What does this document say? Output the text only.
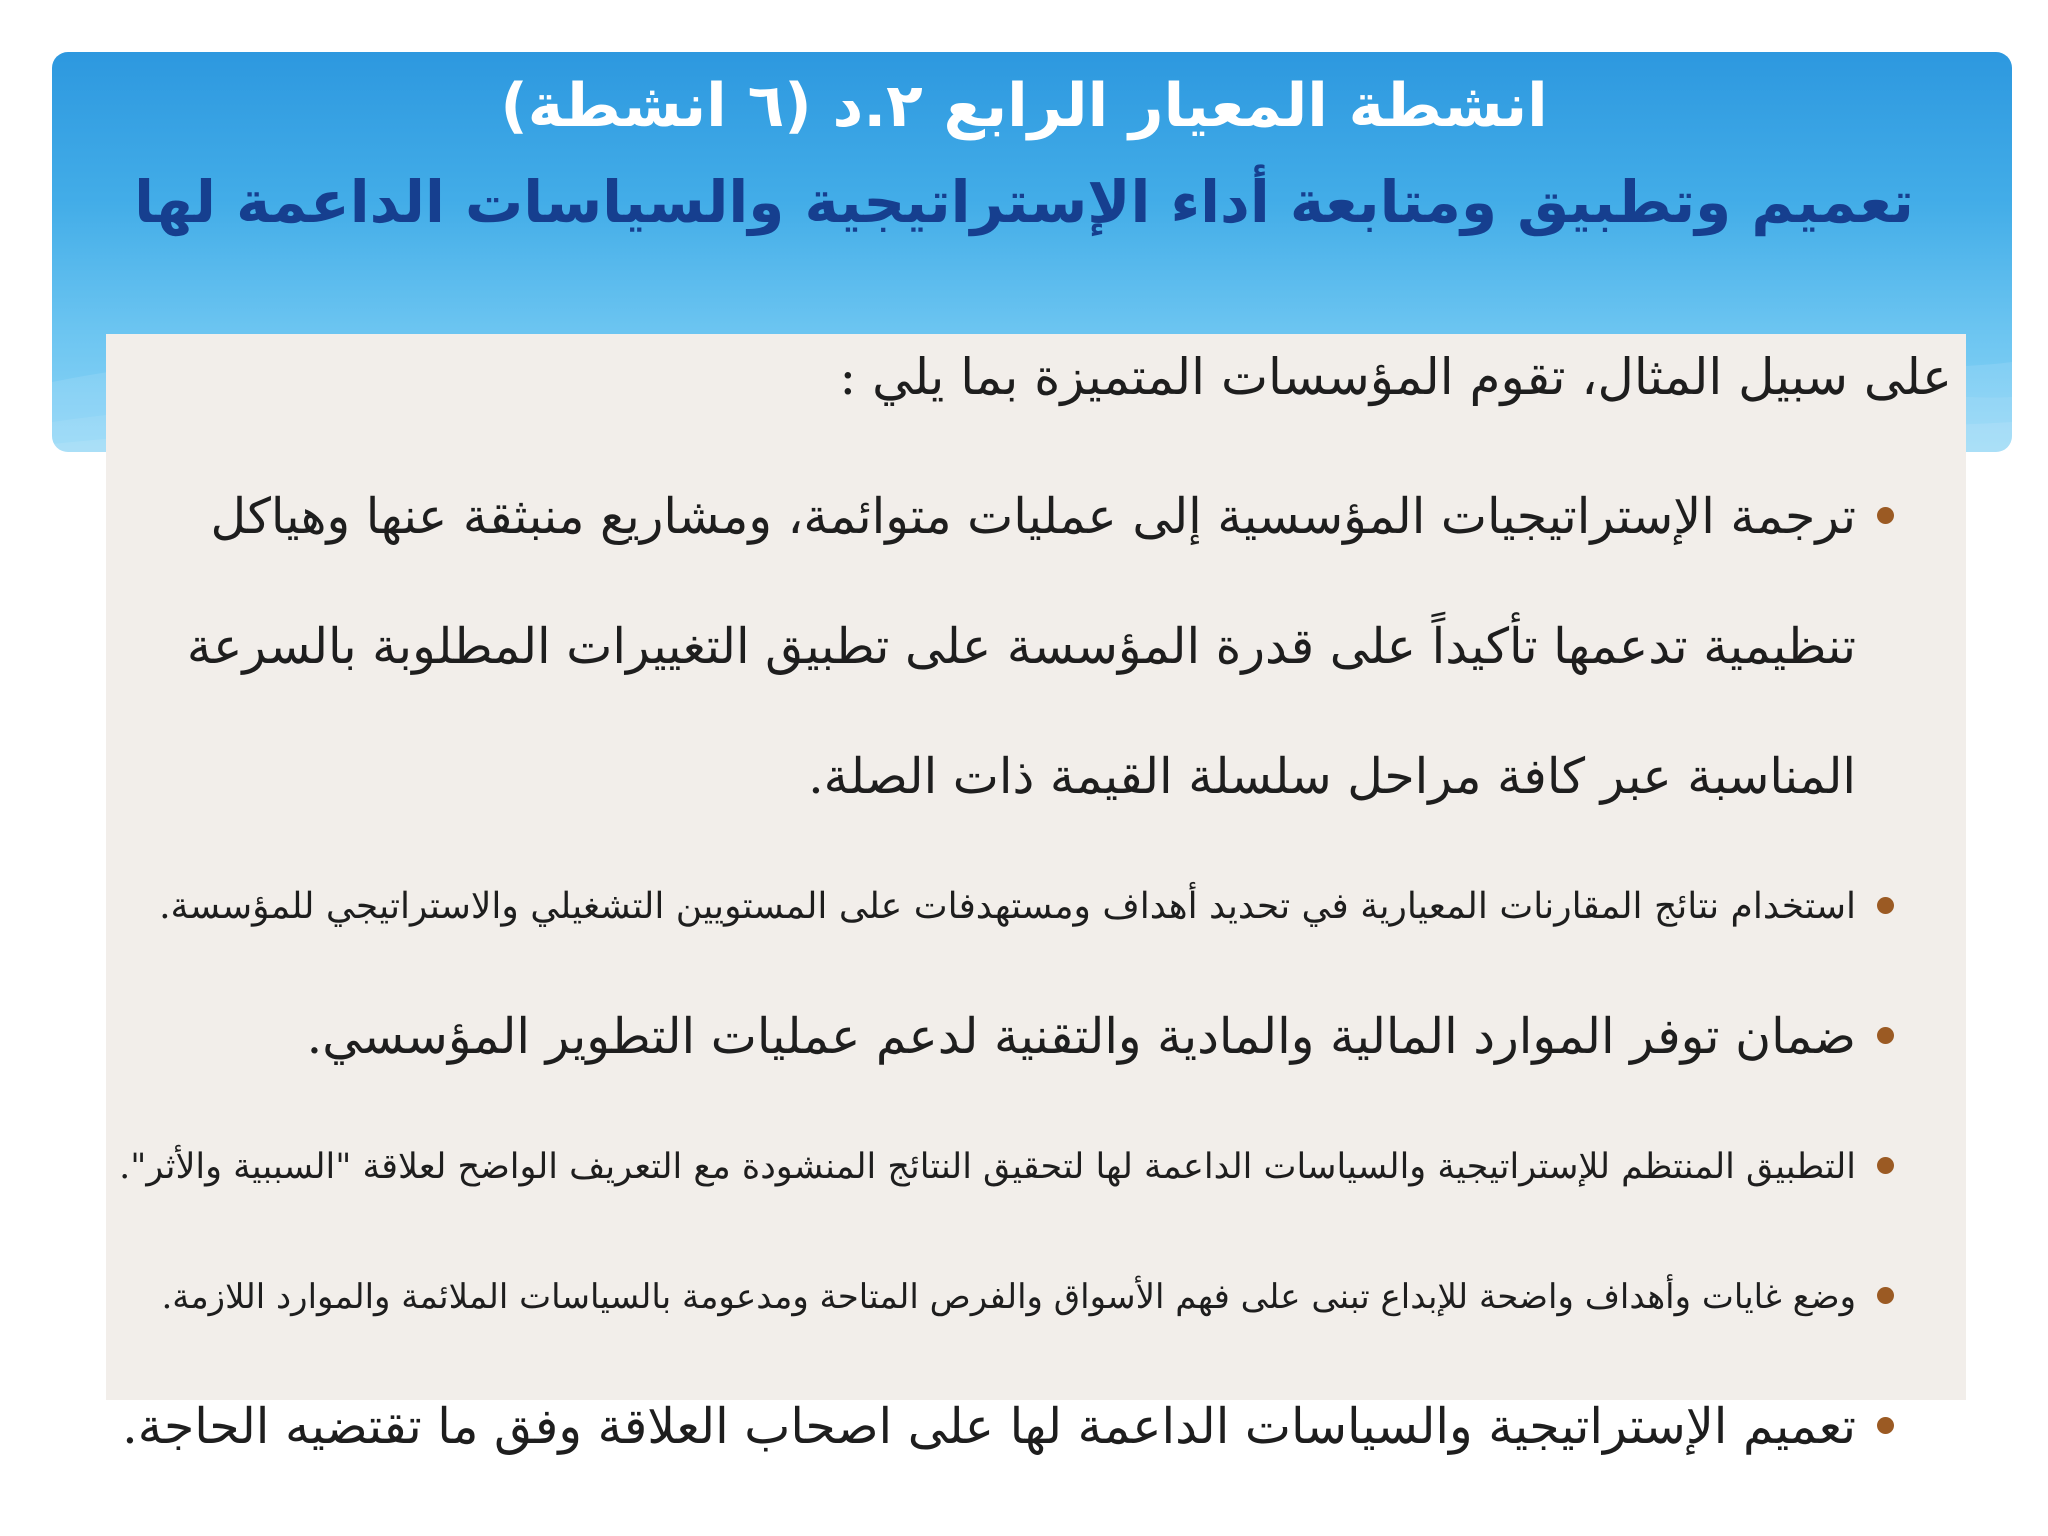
انشطة المعيار الرابع ٢.د (٦ انشطة)
تعميم وتطبيق ومتابعة أداء الإستراتيجية والسياسات الداعمة لها
على سبيل المثال، تقوم المؤسسات المتميزة بما يلي :
ترجمة الإستراتيجيات المؤسسية إلى عمليات متوائمة، ومشاريع منبثقة عنها وهياكل تنظيمية تدعمها تأكيداً على قدرة المؤسسة على تطبيق التغييرات المطلوبة بالسرعة المناسبة عبر كافة مراحل سلسلة القيمة ذات الصلة.
استخدام نتائج المقارنات المعيارية في تحديد أهداف ومستهدفات على المستويين التشغيلي والاستراتيجي للمؤسسة.
ضمان توفر الموارد المالية والمادية والتقنية لدعم عمليات التطوير المؤسسي.
التطبيق المنتظم للإستراتيجية والسياسات الداعمة لها لتحقيق النتائج المنشودة مع التعريف الواضح لعلاقة "السببية والأثر".
وضع غايات وأهداف واضحة للإبداع تبنى على فهم الأسواق والفرص المتاحة ومدعومة بالسياسات الملائمة والموارد اللازمة.
تعميم الإستراتيجية والسياسات الداعمة لها على اصحاب العلاقة وفق ما تقتضيه الحاجة.
